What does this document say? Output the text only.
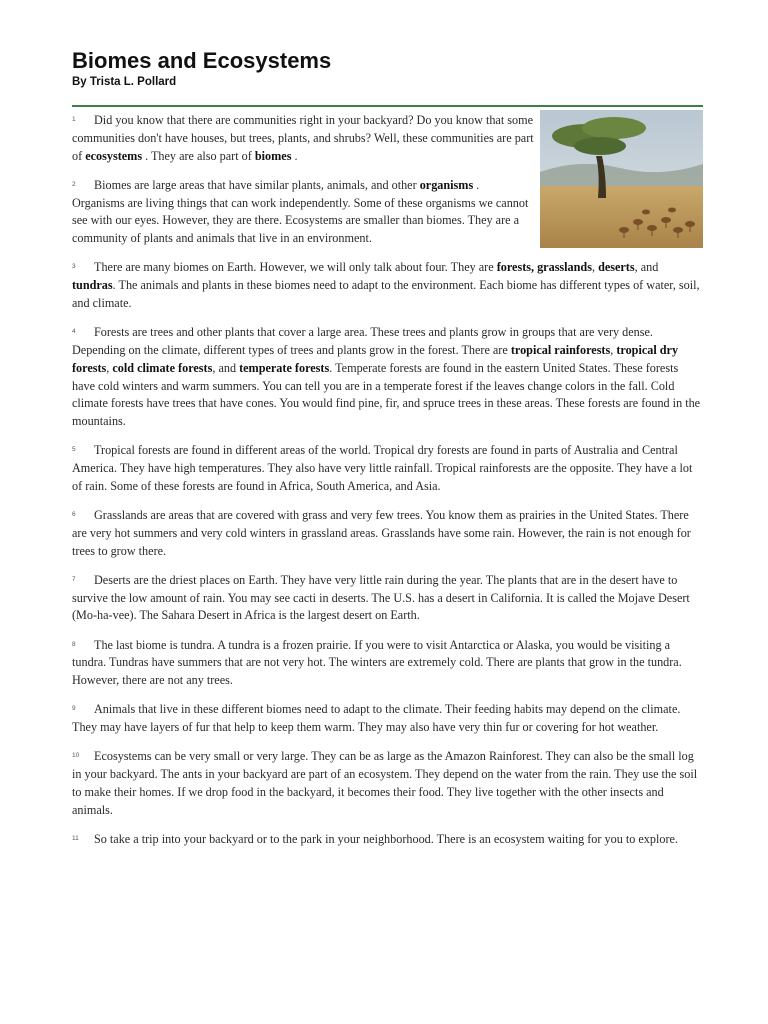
Biomes and Ecosystems

By Trista L. Pollard

1 Did you know that there are communities right in your backyard? Do you know that some communities don't have houses, but trees, plants, and shrubs? Well, these communities are part of ecosystems . They are also part of biomes .

2 Biomes are large areas that have similar plants, animals, and other organisms . Organisms are living things that can work independently. Some of these organisms we cannot see with our eyes. However, they are there. Ecosystems are smaller than biomes. They are a community of plants and animals that live in an environment.

3 There are many biomes on Earth. However, we will only talk about four. They are forests, grasslands, deserts, and tundras. The animals and plants in these biomes need to adapt to the environment. Each biome has different types of water, soil, and climate.

4 Forests are trees and other plants that cover a large area. These trees and plants grow in groups that are very dense. Depending on the climate, different types of trees and plants grow in the forest. There are tropical rainforests, tropical dry forests, cold climate forests, and temperate forests. Temperate forests are found in the eastern United States. These forests have cold winters and warm summers. You can tell you are in a temperate forest if the leaves change colors in the fall. Cold climate forests have trees that have cones. You would find pine, fir, and spruce trees in these areas. These forests are found in the mountains.

5 Tropical forests are found in different areas of the world. Tropical dry forests are found in parts of Australia and Central America. They have high temperatures. They also have very little rainfall. Tropical rainforests are the opposite. They have a lot of rain. Some of these forests are found in Africa, South America, and Asia.

6 Grasslands are areas that are covered with grass and very few trees. You know them as prairies in the United States. There are very hot summers and very cold winters in grassland areas. Grasslands have some rain. However, the rain is not enough for trees to grow there.

7 Deserts are the driest places on Earth. They have very little rain during the year. The plants that are in the desert have to survive the low amount of rain. You may see cacti in deserts. The U.S. has a desert in California. It is called the Mojave Desert (Mo-ha-vee). The Sahara Desert in Africa is the largest desert on Earth.

8 The last biome is tundra. A tundra is a frozen prairie. If you were to visit Antarctica or Alaska, you would be visiting a tundra. Tundras have summers that are not very hot. The winters are extremely cold. There are plants that grow in the tundra. However, there are not any trees.

9 Animals that live in these different biomes need to adapt to the climate. Their feeding habits may depend on the climate. They may have layers of fur that help to keep them warm. They may also have very thin fur or covering for hot weather.

10 Ecosystems can be very small or very large. They can be as large as the Amazon Rainforest. They can also be the small log in your backyard. The ants in your backyard are part of an ecosystem. They depend on the water from the rain. They use the soil to make their homes. If we drop food in the backyard, it becomes their food. They live together with the other insects and animals.

11 So take a trip into your backyard or to the park in your neighborhood. There is an ecosystem waiting for you to explore.
